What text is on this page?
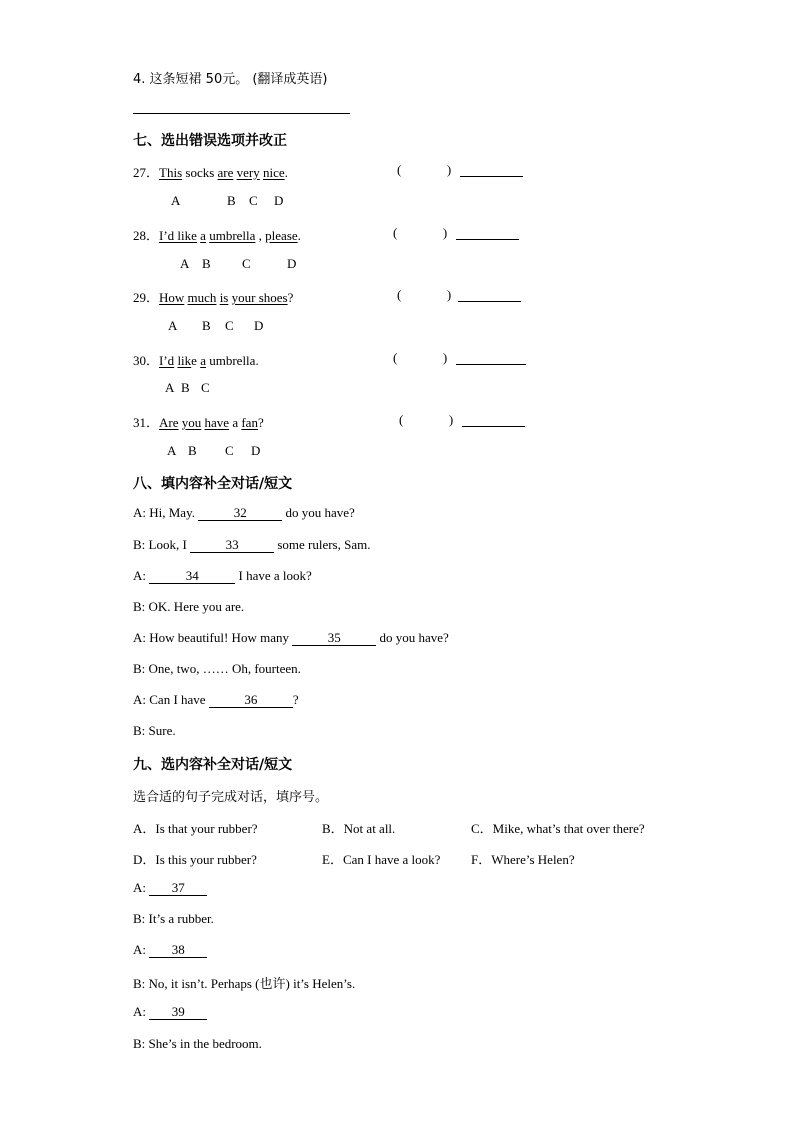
4. 这条短裙 50元。 (翻译成英语)
七、选出错误选项并改正
27．This socks are very nice.	(              )
A	B C D
28．I’d like a umbrella , please.	(              )
A B C	D
29．How much is your shoes?	(              )
A B C D
30．I’d like a umbrella.	(              )
A B C
31．Are you have a fan?	(              )
A B C D
八、填内容补全对话/短文
A: Hi, May.	32	do you have?
B: Look, I	33	some rulers, Sam.
A:	34	I have a look?
B: OK. Here you are.
A: How beautiful! How many	35	do you have?
B: One, two, …… Oh, fourteen.
A: Can I have	36	?
B: Sure.
九、选内容补全对话/短文
选合适的句子完成对话，填序号。
A．Is that your rubber?	B．Not at all.	C．Mike, what’s that over there?
D．Is this your rubber?	E．Can I have a look? F．Where’s Helen?
A: 37
B: It’s a rubber.
A: 38
B: No, it isn’t. Perhaps (也许) it’s Helen’s.
A: 39
B: She’s in the bedroom.
